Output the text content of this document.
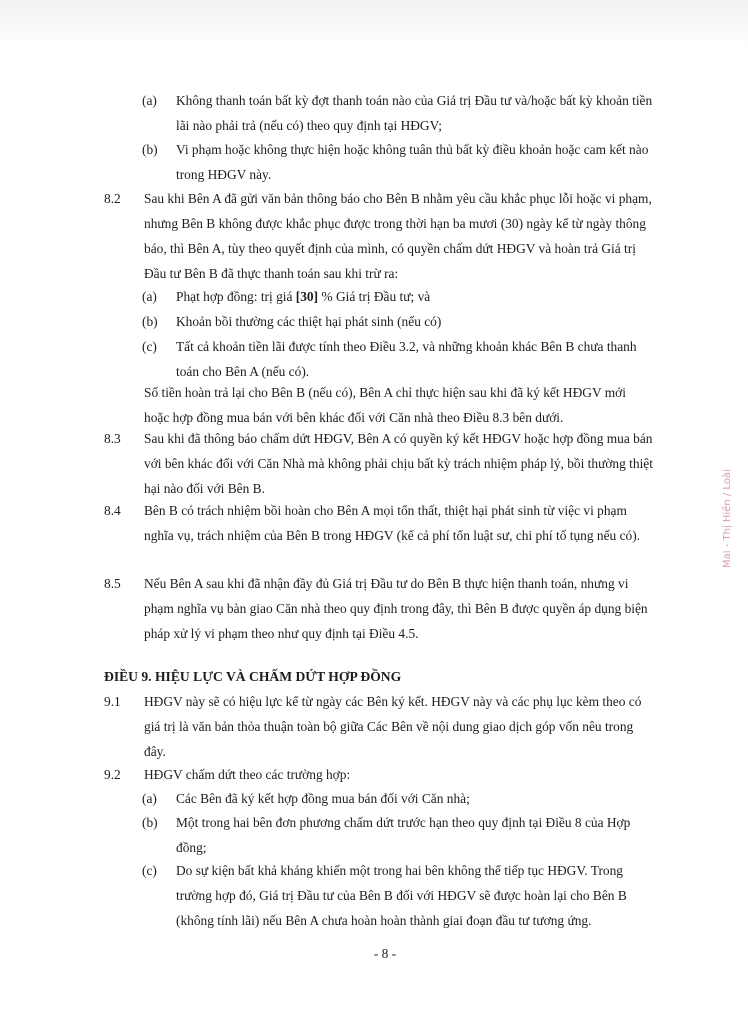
(a) Không thanh toán bất kỳ đợt thanh toán nào của Giá trị Đầu tư và/hoặc bất kỳ khoản tiền lãi nào phải trả (nếu có) theo quy định tại HĐGV;

(b) Vi phạm hoặc không thực hiện hoặc không tuân thủ bất kỳ điều khoản hoặc cam kết nào trong HĐGV này.

8.2 Sau khi Bên A đã gửi văn bản thông báo cho Bên B nhằm yêu cầu khắc phục lỗi hoặc vi phạm, nhưng Bên B không được khắc phục được trong thời hạn ba mươi (30) ngày kể từ ngày thông báo, thì Bên A, tùy theo quyết định của mình, có quyền chấm dứt HĐGV và hoàn trả Giá trị Đầu tư Bên B đã thực thanh toán sau khi trừ ra:

(a) Phạt hợp đồng: trị giá [30] % Giá trị Đầu tư; và

(b) Khoản bồi thường các thiệt hại phát sinh (nếu có)

(c) Tất cả khoản tiền lãi được tính theo Điều 3.2, và những khoản khác Bên B chưa thanh toán cho Bên A (nếu có).

Số tiền hoàn trả lại cho Bên B (nếu có), Bên A chỉ thực hiện sau khi đã ký kết HĐGV mới hoặc hợp đồng mua bán với bên khác đối với Căn nhà theo Điều 8.3 bên dưới.

8.3 Sau khi đã thông báo chấm dứt HĐGV, Bên A có quyền ký kết HĐGV hoặc hợp đồng mua bán với bên khác đối với Căn Nhà mà không phải chịu bất kỳ trách nhiệm pháp lý, bồi thường thiệt hại nào đối với Bên B.

8.4 Bên B có trách nhiệm bồi hoàn cho Bên A mọi tổn thất, thiệt hại phát sinh từ việc vi phạm nghĩa vụ, trách nhiệm của Bên B trong HĐGV (kể cả phí tổn luật sư, chi phí tố tụng nếu có).

8.5 Nếu Bên A sau khi đã nhận đầy đủ Giá trị Đầu tư do Bên B thực hiện thanh toán, nhưng vi phạm nghĩa vụ bàn giao Căn nhà theo quy định trong đây, thì Bên B được quyền áp dụng biện pháp xử lý vi phạm theo như quy định tại Điều 4.5.

ĐIỀU 9. HIỆU LỰC VÀ CHẤM DỨT HỢP ĐỒNG
9.1 HĐGV này sẽ có hiệu lực kể từ ngày các Bên ký kết. HĐGV này và các phụ lục kèm theo có giá trị là văn bản thỏa thuận toàn bộ giữa Các Bên về nội dung giao dịch góp vốn nêu trong đây.

9.2 HĐGV chấm dứt theo các trường hợp:

(a) Các Bên đã ký kết hợp đồng mua bán đối với Căn nhà;

(b) Một trong hai bên đơn phương chấm dứt trước hạn theo quy định tại Điều 8 của Hợp đồng;

(c) Do sự kiện bất khả kháng khiến một trong hai bên không thể tiếp tục HĐGV. Trong trường hợp đó, Giá trị Đầu tư của Bên B đối với HĐGV sẽ được hoàn lại cho Bên B (không tính lãi) nếu Bên A chưa hoàn hoàn thành giai đoạn đầu tư tương ứng.

- 8 -
Mai - Thị Hiền / Loài
